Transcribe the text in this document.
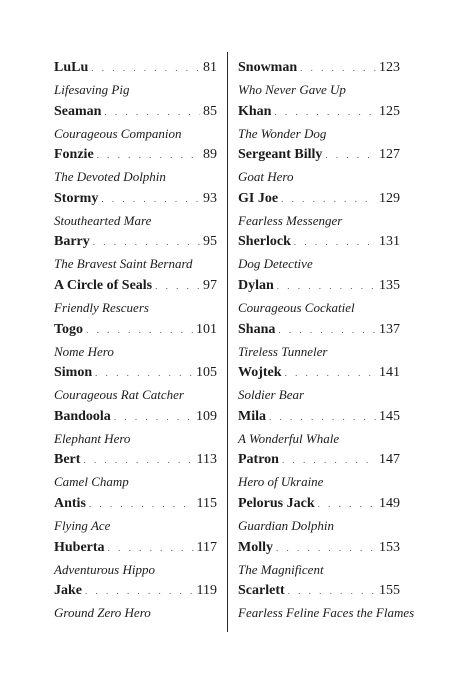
LuLu . . .	81
Lifesaving Pig
Seaman . . .	85
Courageous Companion
Fonzie . . .	89
The Devoted Dolphin
Stormy . . .	93
Stouthearted Mare
Barry . . .	95
The Bravest Saint Bernard
A Circle of Seals . . .	97
Friendly Rescuers
Togo . . .	101
Nome Hero
Simon . . .	105
Courageous Rat Catcher
Bandoola . . .	109
Elephant Hero
Bert . . .	113
Camel Champ
Antis . . .	115
Flying Ace
Huberta . . .	117
Adventurous Hippo
Jake . . .	119
Ground Zero Hero
Snowman . . .	123
Who Never Gave Up
Khan . . .	125
The Wonder Dog
Sergeant Billy . . .	127
Goat Hero
GI Joe . . .	129
Fearless Messenger
Sherlock . . .	131
Dog Detective
Dylan . . .	135
Courageous Cockatiel
Shana . . .	137
Tireless Tunneler
Wojtek . . .	141
Soldier Bear
Mila . . .	145
A Wonderful Whale
Patron . . .	147
Hero of Ukraine
Pelorus Jack . . .	149
Guardian Dolphin
Molly . . .	153
The Magnificent
Scarlett . . .	155
Fearless Feline Faces the Flames
